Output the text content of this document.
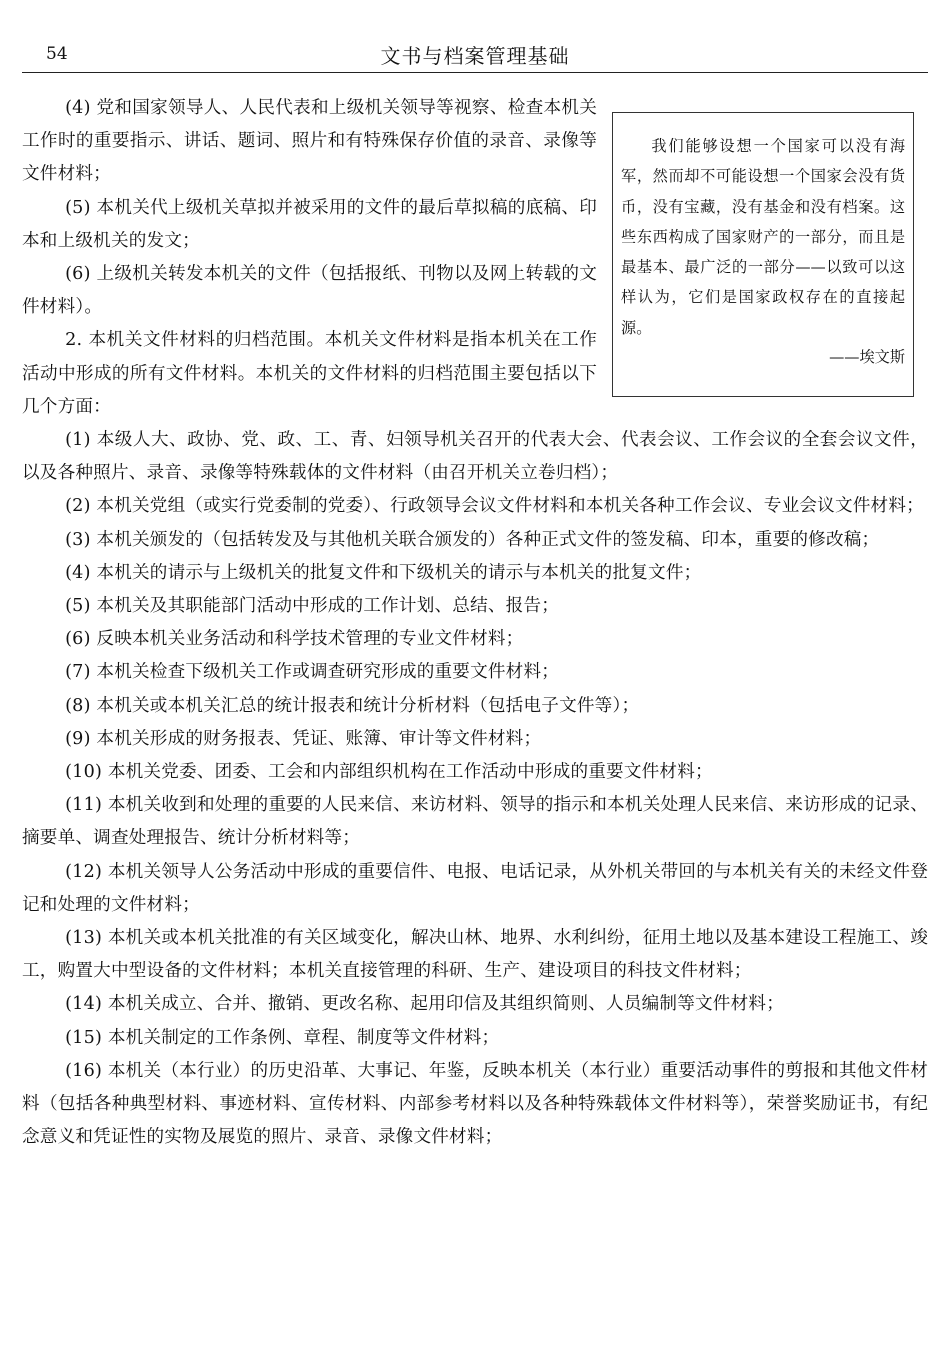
54	文书与档案管理基础

我们能够设想一个国家可以没有海军，然而却不可能设想一个国家会没有货币，没有宝藏，没有基金和没有档案。这些东西构成了国家财产的一部分，而且是最基本、最广泛的一部分——以致可以这样认为，它们是国家政权存在的直接起源。

——埃文斯

(4) 党和国家领导人、人民代表和上级机关领导等视察、检查本机关工作时的重要指示、讲话、题词、照片和有特殊保存价值的录音、录像等文件材料；

(5) 本机关代上级机关草拟并被采用的文件的最后草拟稿的底稿、印本和上级机关的发文；

(6) 上级机关转发本机关的文件（包括报纸、刊物以及网上转载的文件材料）。

2. 本机关文件材料的归档范围。本机关文件材料是指本机关在工作活动中形成的所有文件材料。本机关的文件材料的归档范围主要包括以下几个方面：

(1) 本级人大、政协、党、政、工、青、妇领导机关召开的代表大会、代表会议、工作会议的全套会议文件，以及各种照片、录音、录像等特殊载体的文件材料（由召开机关立卷归档）；

(2) 本机关党组（或实行党委制的党委）、行政领导会议文件材料和本机关各种工作会议、专业会议文件材料；

(3) 本机关颁发的（包括转发及与其他机关联合颁发的）各种正式文件的签发稿、印本，重要的修改稿；

(4) 本机关的请示与上级机关的批复文件和下级机关的请示与本机关的批复文件；

(5) 本机关及其职能部门活动中形成的工作计划、总结、报告；

(6) 反映本机关业务活动和科学技术管理的专业文件材料；

(7) 本机关检查下级机关工作或调查研究形成的重要文件材料；

(8) 本机关或本机关汇总的统计报表和统计分析材料（包括电子文件等）；

(9) 本机关形成的财务报表、凭证、账簿、审计等文件材料；

(10) 本机关党委、团委、工会和内部组织机构在工作活动中形成的重要文件材料；

(11) 本机关收到和处理的重要的人民来信、来访材料、领导的指示和本机关处理人民来信、来访形成的记录、摘要单、调查处理报告、统计分析材料等；

(12) 本机关领导人公务活动中形成的重要信件、电报、电话记录，从外机关带回的与本机关有关的未经文件登记和处理的文件材料；

(13) 本机关或本机关批准的有关区域变化，解决山林、地界、水利纠纷，征用土地以及基本建设工程施工、竣工，购置大中型设备的文件材料；本机关直接管理的科研、生产、建设项目的科技文件材料；

(14) 本机关成立、合并、撤销、更改名称、起用印信及其组织简则、人员编制等文件材料；

(15) 本机关制定的工作条例、章程、制度等文件材料；

(16) 本机关（本行业）的历史沿革、大事记、年鉴，反映本机关（本行业）重要活动事件的剪报和其他文件材料（包括各种典型材料、事迹材料、宣传材料、内部参考材料以及各种特殊载体文件材料等），荣誉奖励证书，有纪念意义和凭证性的实物及展览的照片、录音、录像文件材料；
